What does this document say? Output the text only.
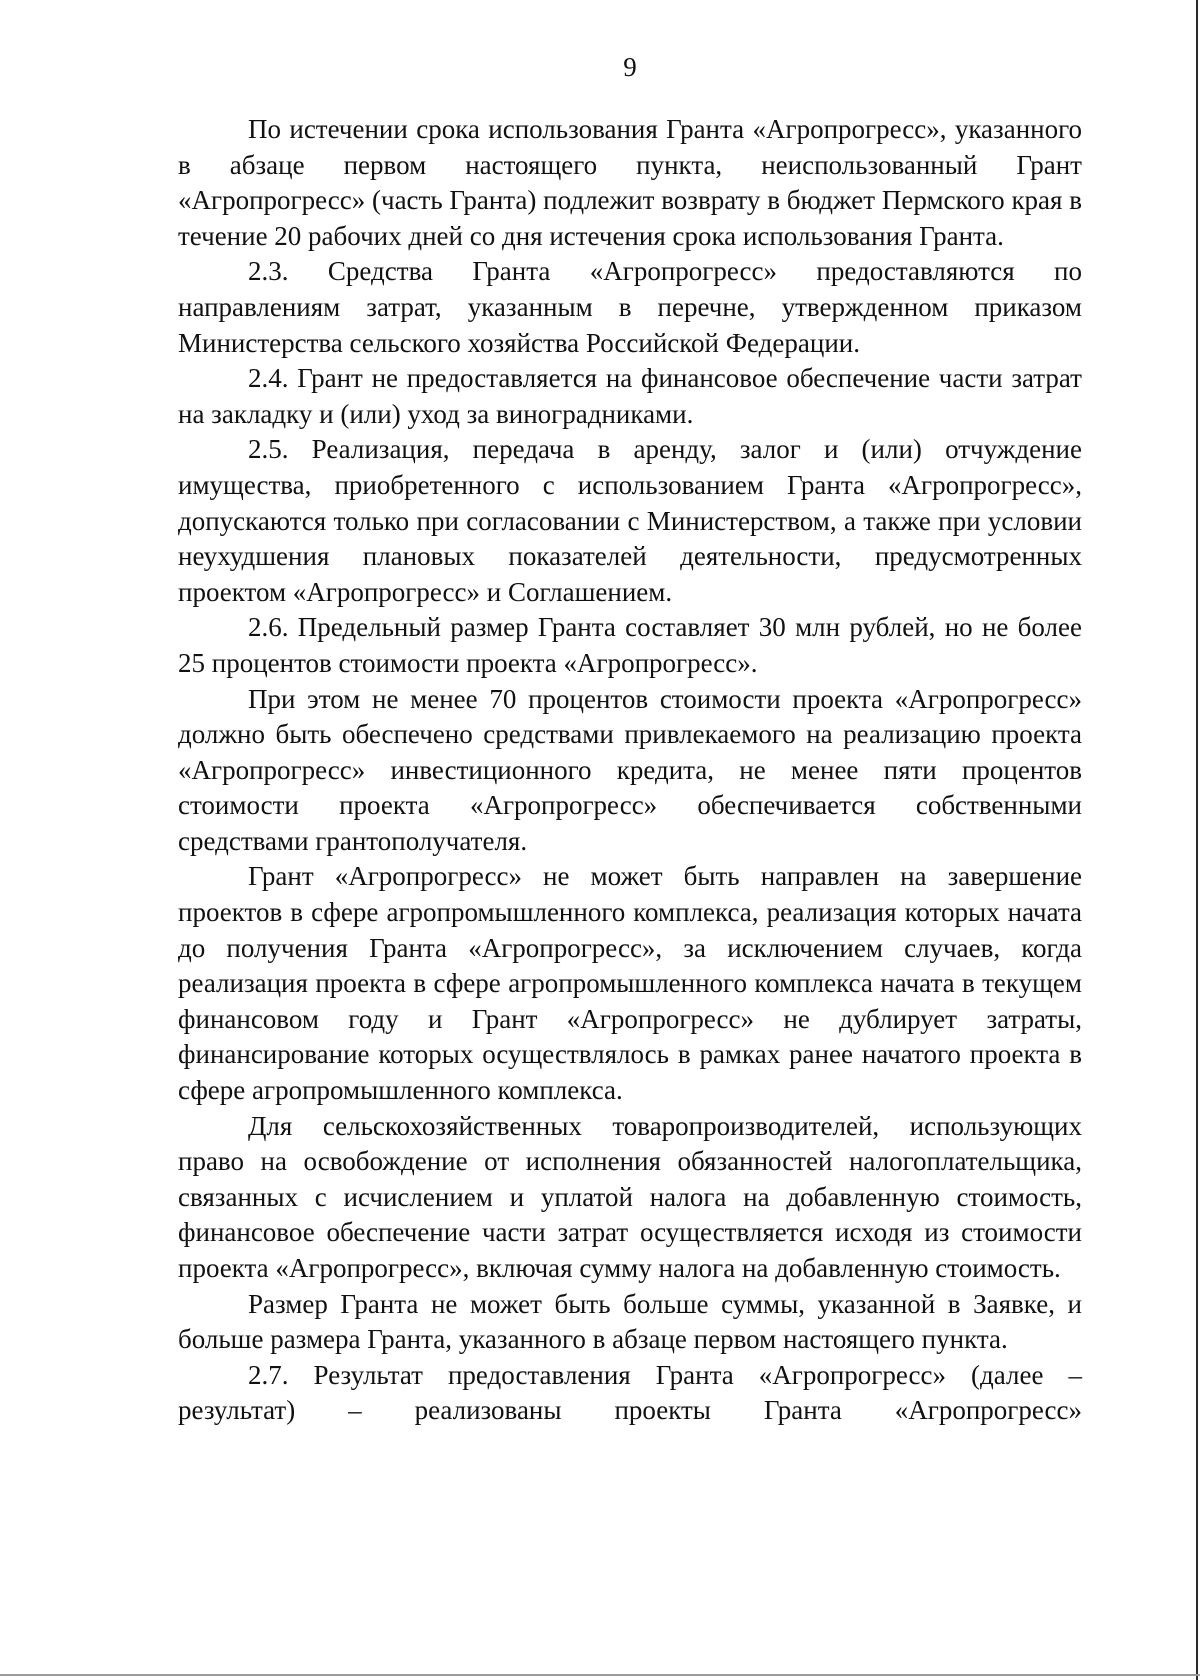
9

По истечении срока использования Гранта «Агропрогресс», указанного в абзаце первом настоящего пункта, неиспользованный Грант «Агропрогресс» (часть Гранта) подлежит возврату в бюджет Пермского края в течение 20 рабочих дней со дня истечения срока использования Гранта.

2.3. Средства Гранта «Агропрогресс» предоставляются по направлениям затрат, указанным в перечне, утвержденном приказом Министерства сельского хозяйства Российской Федерации.

2.4. Грант не предоставляется на финансовое обеспечение части затрат на закладку и (или) уход за виноградниками.

2.5. Реализация, передача в аренду, залог и (или) отчуждение имущества, приобретенного с использованием Гранта «Агропрогресс», допускаются только при согласовании с Министерством, а также при условии неухудшения плановых показателей деятельности, предусмотренных проектом «Агропрогресс» и Соглашением.

2.6. Предельный размер Гранта составляет 30 млн рублей, но не более 25 процентов стоимости проекта «Агропрогресс».

При этом не менее 70 процентов стоимости проекта «Агропрогресс» должно быть обеспечено средствами привлекаемого на реализацию проекта «Агропрогресс» инвестиционного кредита, не менее пяти процентов стоимости проекта «Агропрогресс» обеспечивается собственными средствами грантополучателя.

Грант «Агропрогресс» не может быть направлен на завершение проектов в сфере агропромышленного комплекса, реализация которых начата до получения Гранта «Агропрогресс», за исключением случаев, когда реализация проекта в сфере агропромышленного комплекса начата в текущем финансовом году и Грант «Агропрогресс» не дублирует затраты, финансирование которых осуществлялось в рамках ранее начатого проекта в сфере агропромышленного комплекса.

Для сельскохозяйственных товаропроизводителей, использующих право на освобождение от исполнения обязанностей налогоплательщика, связанных с исчислением и уплатой налога на добавленную стоимость, финансовое обеспечение части затрат осуществляется исходя из стоимости проекта «Агропрогресс», включая сумму налога на добавленную стоимость.

Размер Гранта не может быть больше суммы, указанной в Заявке, и больше размера Гранта, указанного в абзаце первом настоящего пункта.

2.7. Результат предоставления Гранта «Агропрогресс» (далее – результат) – реализованы проекты Гранта «Агропрогресс»
